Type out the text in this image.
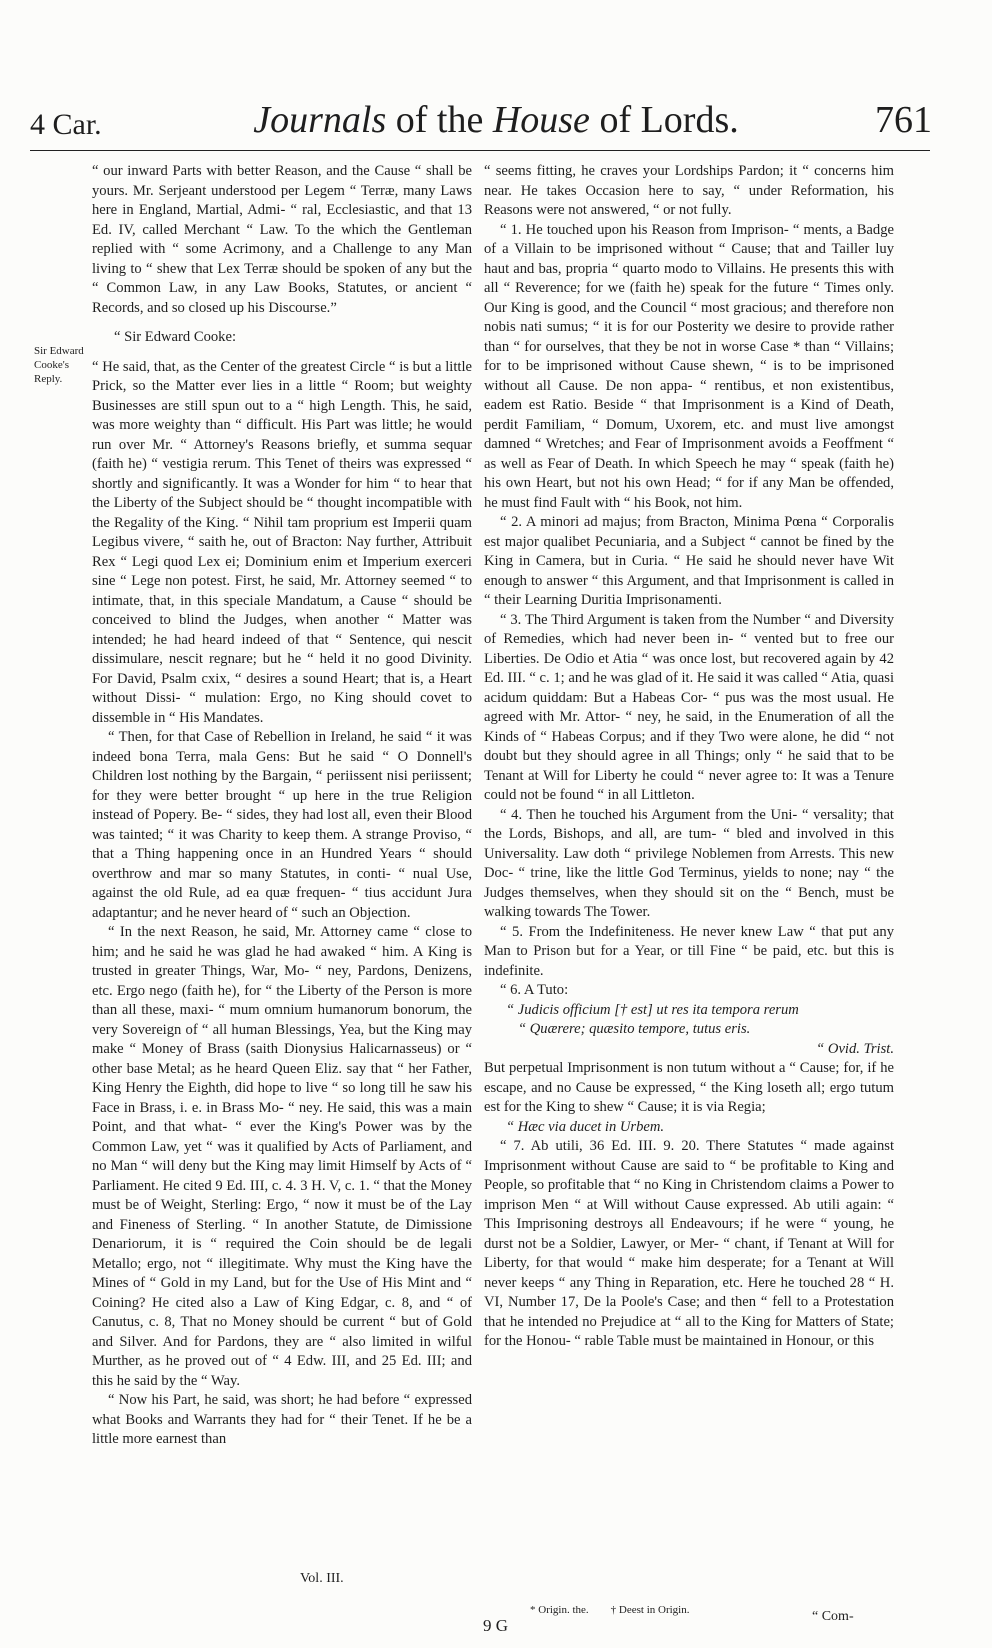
4 Car.	Journals of the House of Lords.	761
Sir Edward Cooke's Reply.

“ our inward Parts with better Reason, and the Cause “ shall be yours. Mr. Serjeant understood per Legem “ Terræ, many Laws here in England, Martial, Admi- “ ral, Ecclesiastic, and that 13 Ed. IV, called Merchant “ Law. To the which the Gentleman replied with “ some Acrimony, and a Challenge to any Man living to “ shew that Lex Terræ should be spoken of any but the “ Common Law, in any Law Books, Statutes, or ancient “ Records, and so closed up his Discourse.”

“ Sir Edward Cooke:

“ He said, that, as the Center of the greatest Circle “ is but a little Prick, so the Matter ever lies in a little “ Room; but weighty Businesses are still spun out to a “ high Length. This, he said, was more weighty than “ difficult. His Part was little; he would run over Mr. “ Attorney's Reasons briefly, et summa sequar (faith he) “ vestigia rerum. This Tenet of theirs was expressed “ shortly and significantly. It was a Wonder for him “ to hear that the Liberty of the Subject should be “ thought incompatible with the Regality of the King. “ Nihil tam proprium est Imperii quam Legibus vivere, “ saith he, out of Bracton: Nay further, Attribuit Rex “ Legi quod Lex ei; Dominium enim et Imperium exerceri sine “ Lege non potest. First, he said, Mr. Attorney seemed “ to intimate, that, in this speciale Mandatum, a Cause “ should be conceived to blind the Judges, when another “ Matter was intended; he had heard indeed of that “ Sentence, qui nescit dissimulare, nescit regnare; but he “ held it no good Divinity. For David, Psalm cxix, “ desires a sound Heart; that is, a Heart without Dissi- “ mulation: Ergo, no King should covet to dissemble in “ His Mandates.

“ Then, for that Case of Rebellion in Ireland, he said “ it was indeed bona Terra, mala Gens: But he said “ O Donnell's Children lost nothing by the Bargain, “ periissent nisi periissent; for they were better brought “ up here in the true Religion instead of Popery. Be- “ sides, they had lost all, even their Blood was tainted; “ it was Charity to keep them. A strange Proviso, “ that a Thing happening once in an Hundred Years “ should overthrow and mar so many Statutes, in conti- “ nual Use, against the old Rule, ad ea quæ frequen- “ tius accidunt Jura adaptantur; and he never heard of “ such an Objection.

“ In the next Reason, he said, Mr. Attorney came “ close to him; and he said he was glad he had awaked “ him. A King is trusted in greater Things, War, Mo- “ ney, Pardons, Denizens, etc. Ergo nego (faith he), for “ the Liberty of the Person is more than all these, maxi- “ mum omnium humanorum bonorum, the very Sovereign of “ all human Blessings, Yea, but the King may make “ Money of Brass (saith Dionysius Halicarnasseus) or “ other base Metal; as he heard Queen Eliz. say that “ her Father, King Henry the Eighth, did hope to live “ so long till he saw his Face in Brass, i. e. in Brass Mo- “ ney. He said, this was a main Point, and that what- “ ever the King's Power was by the Common Law, yet “ was it qualified by Acts of Parliament, and no Man “ will deny but the King may limit Himself by Acts of “ Parliament. He cited 9 Ed. III, c. 4. 3 H. V, c. 1. “ that the Money must be of Weight, Sterling: Ergo, “ now it must be of the Lay and Fineness of Sterling. “ In another Statute, de Dimissione Denariorum, it is “ required the Coin should be de legali Metallo; ergo, not “ illegitimate. Why must the King have the Mines of “ Gold in my Land, but for the Use of His Mint and “ Coining? He cited also a Law of King Edgar, c. 8, and “ of Canutus, c. 8, That no Money should be current “ but of Gold and Silver. And for Pardons, they are “ also limited in wilful Murther, as he proved out of “ 4 Edw. III, and 25 Ed. III; and this he said by the “ Way.

“ Now his Part, he said, was short; he had before “ expressed what Books and Warrants they had for “ their Tenet. If he be a little more earnest than

“ seems fitting, he craves your Lordships Pardon; it “ concerns him near. He takes Occasion here to say, “ under Reformation, his Reasons were not answered, “ or not fully.

“ 1. He touched upon his Reason from Imprison- “ ments, a Badge of a Villain to be imprisoned without “ Cause; that and Tailler luy haut and bas, propria “ quarto modo to Villains. He presents this with all “ Reverence; for we (faith he) speak for the future “ Times only. Our King is good, and the Council “ most gracious; and therefore non nobis nati sumus; “ it is for our Posterity we desire to provide rather than “ for ourselves, that they be not in worse Case * than “ Villains; for to be imprisoned without Cause shewn, “ is to be imprisoned without all Cause. De non appa- “ rentibus, et non existentibus, eadem est Ratio. Beside “ that Imprisonment is a Kind of Death, perdit Familiam, “ Domum, Uxorem, etc. and must live amongst damned “ Wretches; and Fear of Imprisonment avoids a Feoffment “ as well as Fear of Death. In which Speech he may “ speak (faith he) his own Heart, but not his own Head; “ for if any Man be offended, he must find Fault with “ his Book, not him.

“ 2. A minori ad majus; from Bracton, Minima Pœna “ Corporalis est major qualibet Pecuniaria, and a Subject “ cannot be fined by the King in Camera, but in Curia. “ He said he should never have Wit enough to answer “ this Argument, and that Imprisonment is called in “ their Learning Duritia Imprisonamenti.

“ 3. The Third Argument is taken from the Number “ and Diversity of Remedies, which had never been in- “ vented but to free our Liberties. De Odio et Atia “ was once lost, but recovered again by 42 Ed. III. “ c. 1; and he was glad of it. He said it was called “ Atia, quasi acidum quiddam: But a Habeas Cor- “ pus was the most usual. He agreed with Mr. Attor- “ ney, he said, in the Enumeration of all the Kinds of “ Habeas Corpus; and if they Two were alone, he did “ not doubt but they should agree in all Things; only “ he said that to be Tenant at Will for Liberty he could “ never agree to: It was a Tenure could not be found “ in all Littleton.

“ 4. Then he touched his Argument from the Uni- “ versality; that the Lords, Bishops, and all, are tum- “ bled and involved in this Universality. Law doth “ privilege Noblemen from Arrests. This new Doc- “ trine, like the little God Terminus, yields to none; nay “ the Judges themselves, when they should sit on the “ Bench, must be walking towards The Tower.

“ 5. From the Indefiniteness. He never knew Law “ that put any Man to Prison but for a Year, or till Fine “ be paid, etc. but this is indefinite.

“ 6. A Tuto:

“ Judicis officium [† est] ut res ita tempora rerum

“ Quærere; quæsito tempore, tutus eris.

“ Ovid. Trist.

But perpetual Imprisonment is non tutum without a “ Cause; for, if he escape, and no Cause be expressed, “ the King loseth all; ergo tutum est for the King to shew “ Cause; it is via Regia;

“ Hæc via ducet in Urbem.

“ 7. Ab utili, 36 Ed. III. 9. 20. There Statutes “ made against Imprisonment without Cause are said to “ be profitable to King and People, so profitable that “ no King in Christendom claims a Power to imprison Men “ at Will without Cause expressed. Ab utili again: “ This Imprisoning destroys all Endeavours; if he were “ young, he durst not be a Soldier, Lawyer, or Mer- “ chant, if Tenant at Will for Liberty, for that would “ make him desperate; for a Tenant at Will never keeps “ any Thing in Reparation, etc. Here he touched 28 “ H. VI, Number 17, De la Poole's Case; and then “ fell to a Protestation that he intended no Prejudice at “ all to the King for Matters of State; for the Honou- “ rable Table must be maintained in Honour, or this

Vol. III.
9 G
* Origin. the. † Deest in Origin.	“ Com-
